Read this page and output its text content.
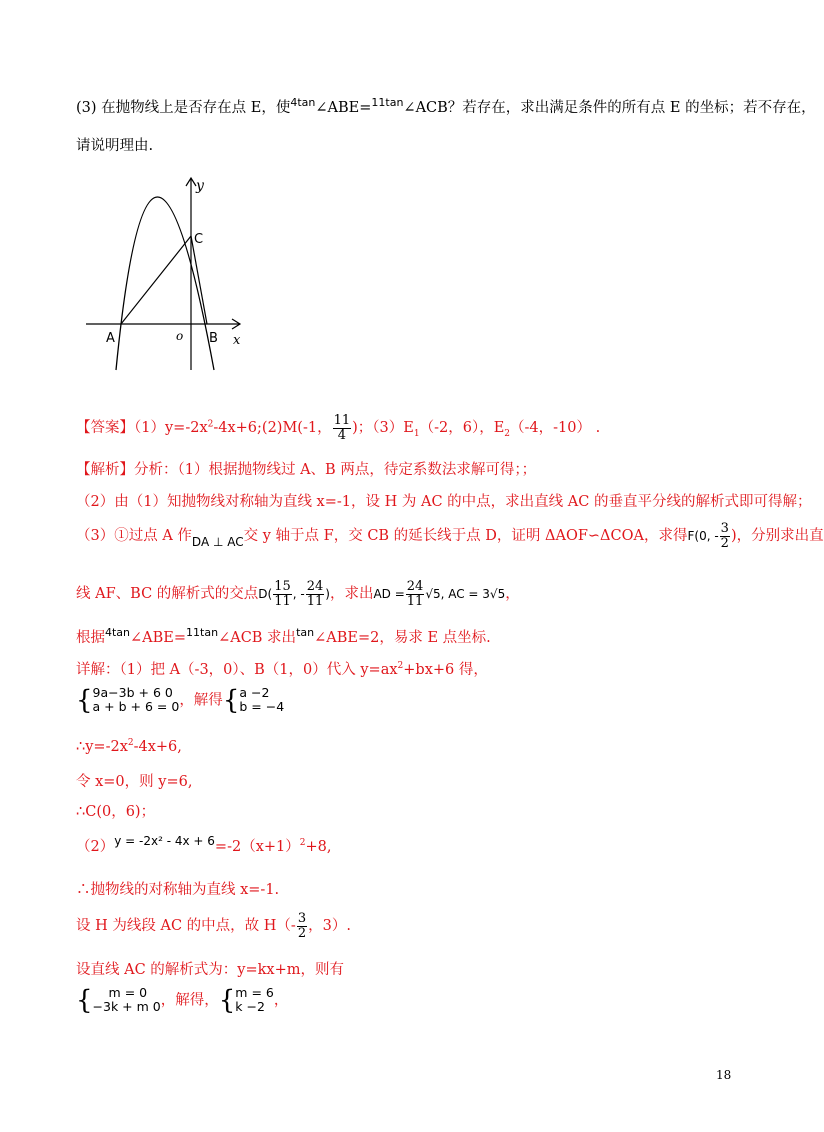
(3) 在抛物线上是否存在点 E，使$^{4tan}$∠ABE=$^{11tan}$∠ACB？若存在，求出满足条件的所有点 E 的坐标；若不存在，
请说明理由.
y
C
A	o B x
【答案】$(1)y=-2x^2-4x+6;(2)M(-1$， $\frac{11}{4}$ )；$(3)E_1(-2$，6），$E_2(-4$，-10） .
【解析】分析：（1）根据抛物线过 A、B 两点，待定系数法求解可得；；
（2）由（1）知抛物线对称轴为直线 x=-1，设 H 为 AC 的中点，求出直线 AC 的垂直平分线的解析式即可得解；
（3）①过点 A 作$_{DA \perp AC}$交 y 轴于点 F，交 CB 的延长线于点 D，证明 ΔAOF∽ΔCOA，求得F(0, - $\frac{3}{2}$ )，分别求出直
线 AF、BC 的解析式的交点$D( \frac{15}{11}$ , - $\frac{24}{11}$ )，求出AD = $\frac{24}{11} √5$, AC = 3√5，
根据$^{4tan}$∠ABE=$^{11tan}$∠ACB 求出$^{tan}$∠ABE=2，易求 E 点坐标.
详解：（1）把 A（-3，0）、B（1，0）代入 $y=ax^2+bx+6$ 得，
{ 9a−3b + 6 0
a + b + 6 = 0 ，解得{ a −2
b = −4
$\therefore y=-2x^2-4x+6$,
令 x=0，则 y=6,
∴C(0，6)；
$(2)^{y = -2x^2 - 4x + 6}=-2(x+1)^2+8$,
∴抛物线的对称轴为直线 x=-1.
设 H 为线段 AC 的中点，故 $H(- \frac{3}{2}$ ，3）.
设直线 AC 的解析式为：y=kx+m，则有
{	m = 0
−3k + m 0 ，解得，{ m = 6
k −2 ，
18
